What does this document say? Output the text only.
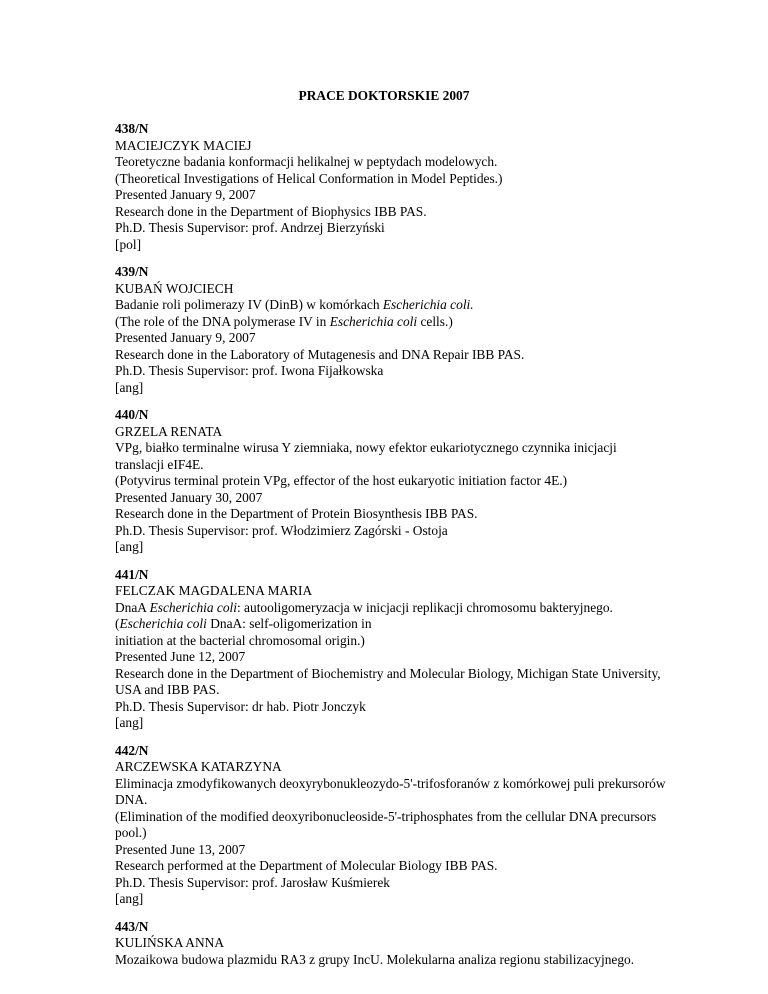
PRACE DOKTORSKIE 2007
438/N
MACIEJCZYK MACIEJ
Teoretyczne badania konformacji helikalnej w peptydach modelowych.
(Theoretical Investigations of Helical Conformation in Model Peptides.)
Presented January 9, 2007
Research done in the Department of Biophysics IBB PAS.
Ph.D. Thesis Supervisor: prof. Andrzej Bierzyński
[pol]
439/N
KUBAŃ WOJCIECH
Badanie roli polimerazy IV (DinB) w komórkach Escherichia coli.
(The role of the DNA polymerase IV in Escherichia coli cells.)
Presented January 9, 2007
Research done in the Laboratory of Mutagenesis and DNA Repair IBB PAS.
Ph.D. Thesis Supervisor: prof. Iwona Fijałkowska
[ang]
440/N
GRZELA RENATA
VPg, białko terminalne wirusa Y ziemniaka, nowy efektor eukariotycznego czynnika inicjacji
translacji eIF4E.
(Potyvirus terminal protein VPg, effector of the host eukaryotic initiation factor 4E.)
Presented January 30, 2007
Research done in the Department of Protein Biosynthesis IBB PAS.
Ph.D. Thesis Supervisor: prof. Włodzimierz Zagórski - Ostoja
[ang]
441/N
FELCZAK MAGDALENA MARIA
DnaA Escherichia coli: autooligomeryzacja w inicjacji replikacji chromosomu bakteryjnego.
(Escherichia coli DnaA: self-oligomerization in
initiation at the bacterial chromosomal origin.)
Presented June 12, 2007
Research done in the Department of Biochemistry and Molecular Biology, Michigan State University,
USA and IBB PAS.
Ph.D. Thesis Supervisor: dr hab. Piotr Jonczyk
[ang]
442/N
ARCZEWSKA KATARZYNA
Eliminacja zmodyfikowanych deoxyrybonukleozydo-5'-trifosforanów z komórkowej puli prekursorów
DNA.
(Elimination of the modified deoxyribonucleoside-5'-triphosphates from the cellular DNA precursors
pool.)
Presented June 13, 2007
Research performed at the Department of Molecular Biology IBB PAS.
Ph.D. Thesis Supervisor: prof. Jarosław Kuśmierek
[ang]
443/N
KULIŃSKA ANNA
Mozaikowa budowa plazmidu RA3 z grupy IncU. Molekularna analiza regionu stabilizacyjnego.
